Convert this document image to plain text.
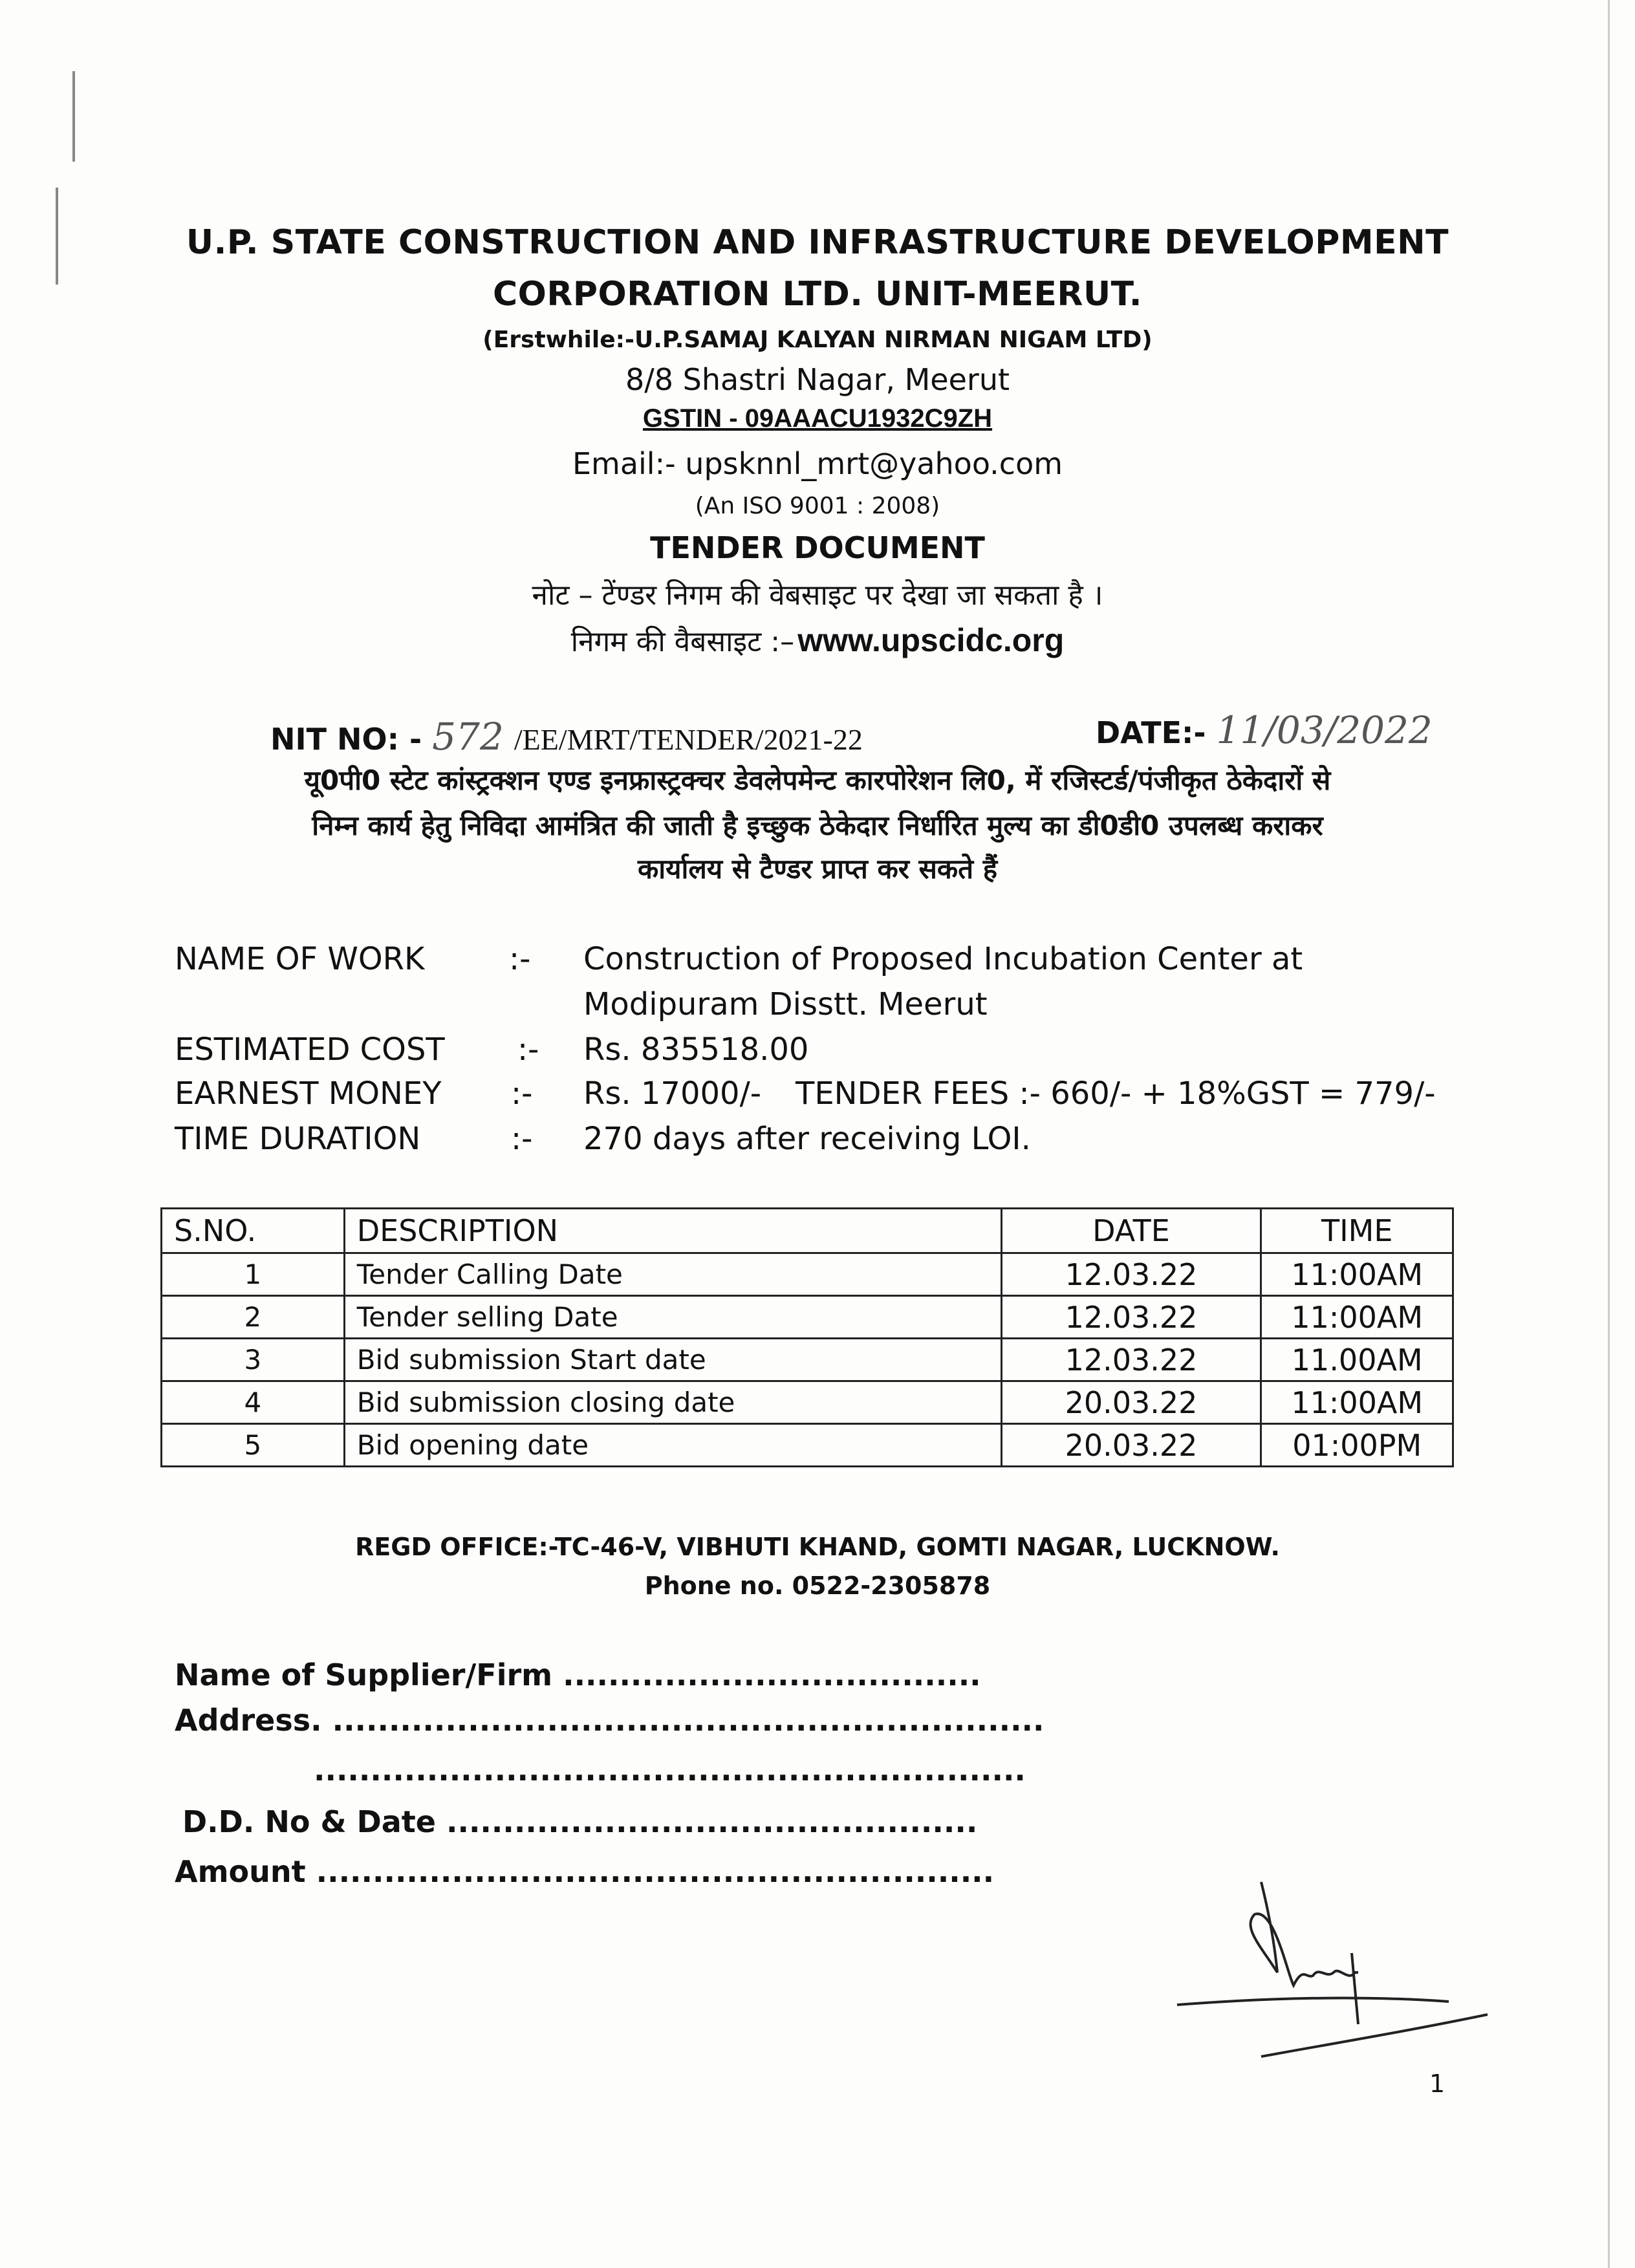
U.P. STATE CONSTRUCTION AND INFRASTRUCTURE DEVELOPMENT
CORPORATION LTD. UNIT-MEERUT.
(Erstwhile:-U.P.SAMAJ KALYAN NIRMAN NIGAM LTD)
8/8 Shastri Nagar, Meerut
GSTIN - 09AAACU1932C9ZH
Email:- upsknnl_mrt@yahoo.com
(An ISO 9001 : 2008)
TENDER DOCUMENT
नोट – टेंण्डर निगम की वेबसाइट पर देखा जा सकता है ।
निगम की वैबसाइट :– www.upscidc.org
NIT NO: - 572 /EE/MRT/TENDER/2021-22	DATE:- 11/03/2022
यू0पी0 स्टेट कांस्ट्रक्शन एण्ड इनफ्रास्ट्रक्चर डेवलेपमेन्ट कारपोरेशन लि0, में रजिस्टर्ड/पंजीकृत ठेकेदारों से
निम्न कार्य हेतु निविदा आमंत्रित की जाती है इच्छुक ठेकेदार निर्धारित मुल्य का डी0डी0 उपलब्ध कराकर
कार्यालय से टैण्डर प्राप्त कर सकते हैं
NAME OF WORK	:- Construction of Proposed Incubation Center at
Modipuram Disstt. Meerut
ESTIMATED COST :- Rs. 835518.00
EARNEST MONEY :- Rs. 17000/- TENDER FEES :- 660/- + 18%GST = 779/-
TIME DURATION	:- 270 days after receiving LOI.
S.NO.	DESCRIPTION	DATE	TIME
1	Tender Calling Date	12.03.22	11:00AM
2	Tender selling Date	12.03.22	11:00AM
3	Bid submission Start date	12.03.22	11.00AM
4	Bid submission closing date	20.03.22	11:00AM
5	Bid opening date	20.03.22	01:00PM
REGD OFFICE:-TC-46-V, VIBHUTI KHAND, GOMTI NAGAR, LUCKNOW.
Phone no. 0522-2305878
Name of Supplier/Firm .....................................
Address. ...............................................................
...............................................................
D.D. No & Date ...............................................
Amount ............................................................
1
